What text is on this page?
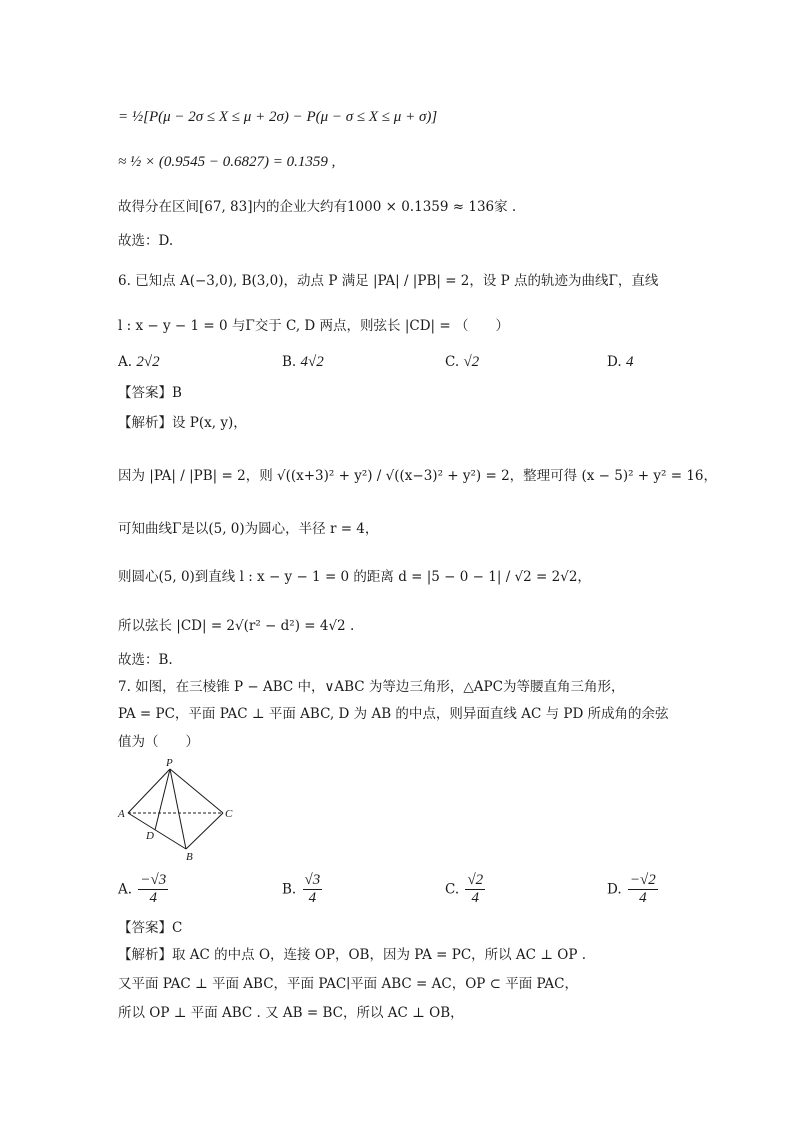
= ½[P(μ − 2σ ≤ X ≤ μ + 2σ) − P(μ − σ ≤ X ≤ μ + σ)]
≈ ½ × (0.9545 − 0.6827) = 0.1359 ,
故得分在区间[67, 83]内的企业大约有1000 × 0.1359 ≈ 136家 .
故选：D.
6. 已知点 A(−3,0), B(3,0)，动点 P 满足 |PA| / |PB| = 2，设 P 点的轨迹为曲线Γ，直线
l : x − y − 1 = 0 与Γ交于 C, D 两点，则弦长 |CD| = （　　）
A. 2√2	B. 4√2	C. √2	D. 4
【答案】B
【解析】设 P(x, y)，
因为 |PA| / |PB| = 2，则 √((x+3)² + y²) / √((x−3)² + y²) = 2，整理可得 (x − 5)² + y² = 16，
可知曲线Γ是以(5, 0)为圆心，半径 r = 4，
则圆心(5, 0)到直线 l : x − y − 1 = 0 的距离 d = |5 − 0 − 1| / √2 = 2√2，
所以弦长 |CD| = 2√(r² − d²) = 4√2 .
故选：B.
7. 如图，在三棱锥 P − ABC 中，∨ABC 为等边三角形，△APC为等腰直角三角形，
PA = PC，平面 PAC ⊥ 平面 ABC, D 为 AB 的中点，则异面直线 AC 与 PD 所成角的余弦
值为（　　）
P
A	C
D
B
A. $\frac{-√3}{4}$	B. $\frac{√3}{4}$	C. $\frac{√2}{4}$	D. $\frac{-√2}{4}$
【答案】C
【解析】取 AC 的中点 O，连接 OP，OB，因为 PA = PC，所以 AC ⊥ OP .
又平面 PAC ⊥ 平面 ABC，平面 PAC∣平面 ABC = AC，OP ⊂ 平面 PAC，
所以 OP ⊥ 平面 ABC . 又 AB = BC，所以 AC ⊥ OB，
